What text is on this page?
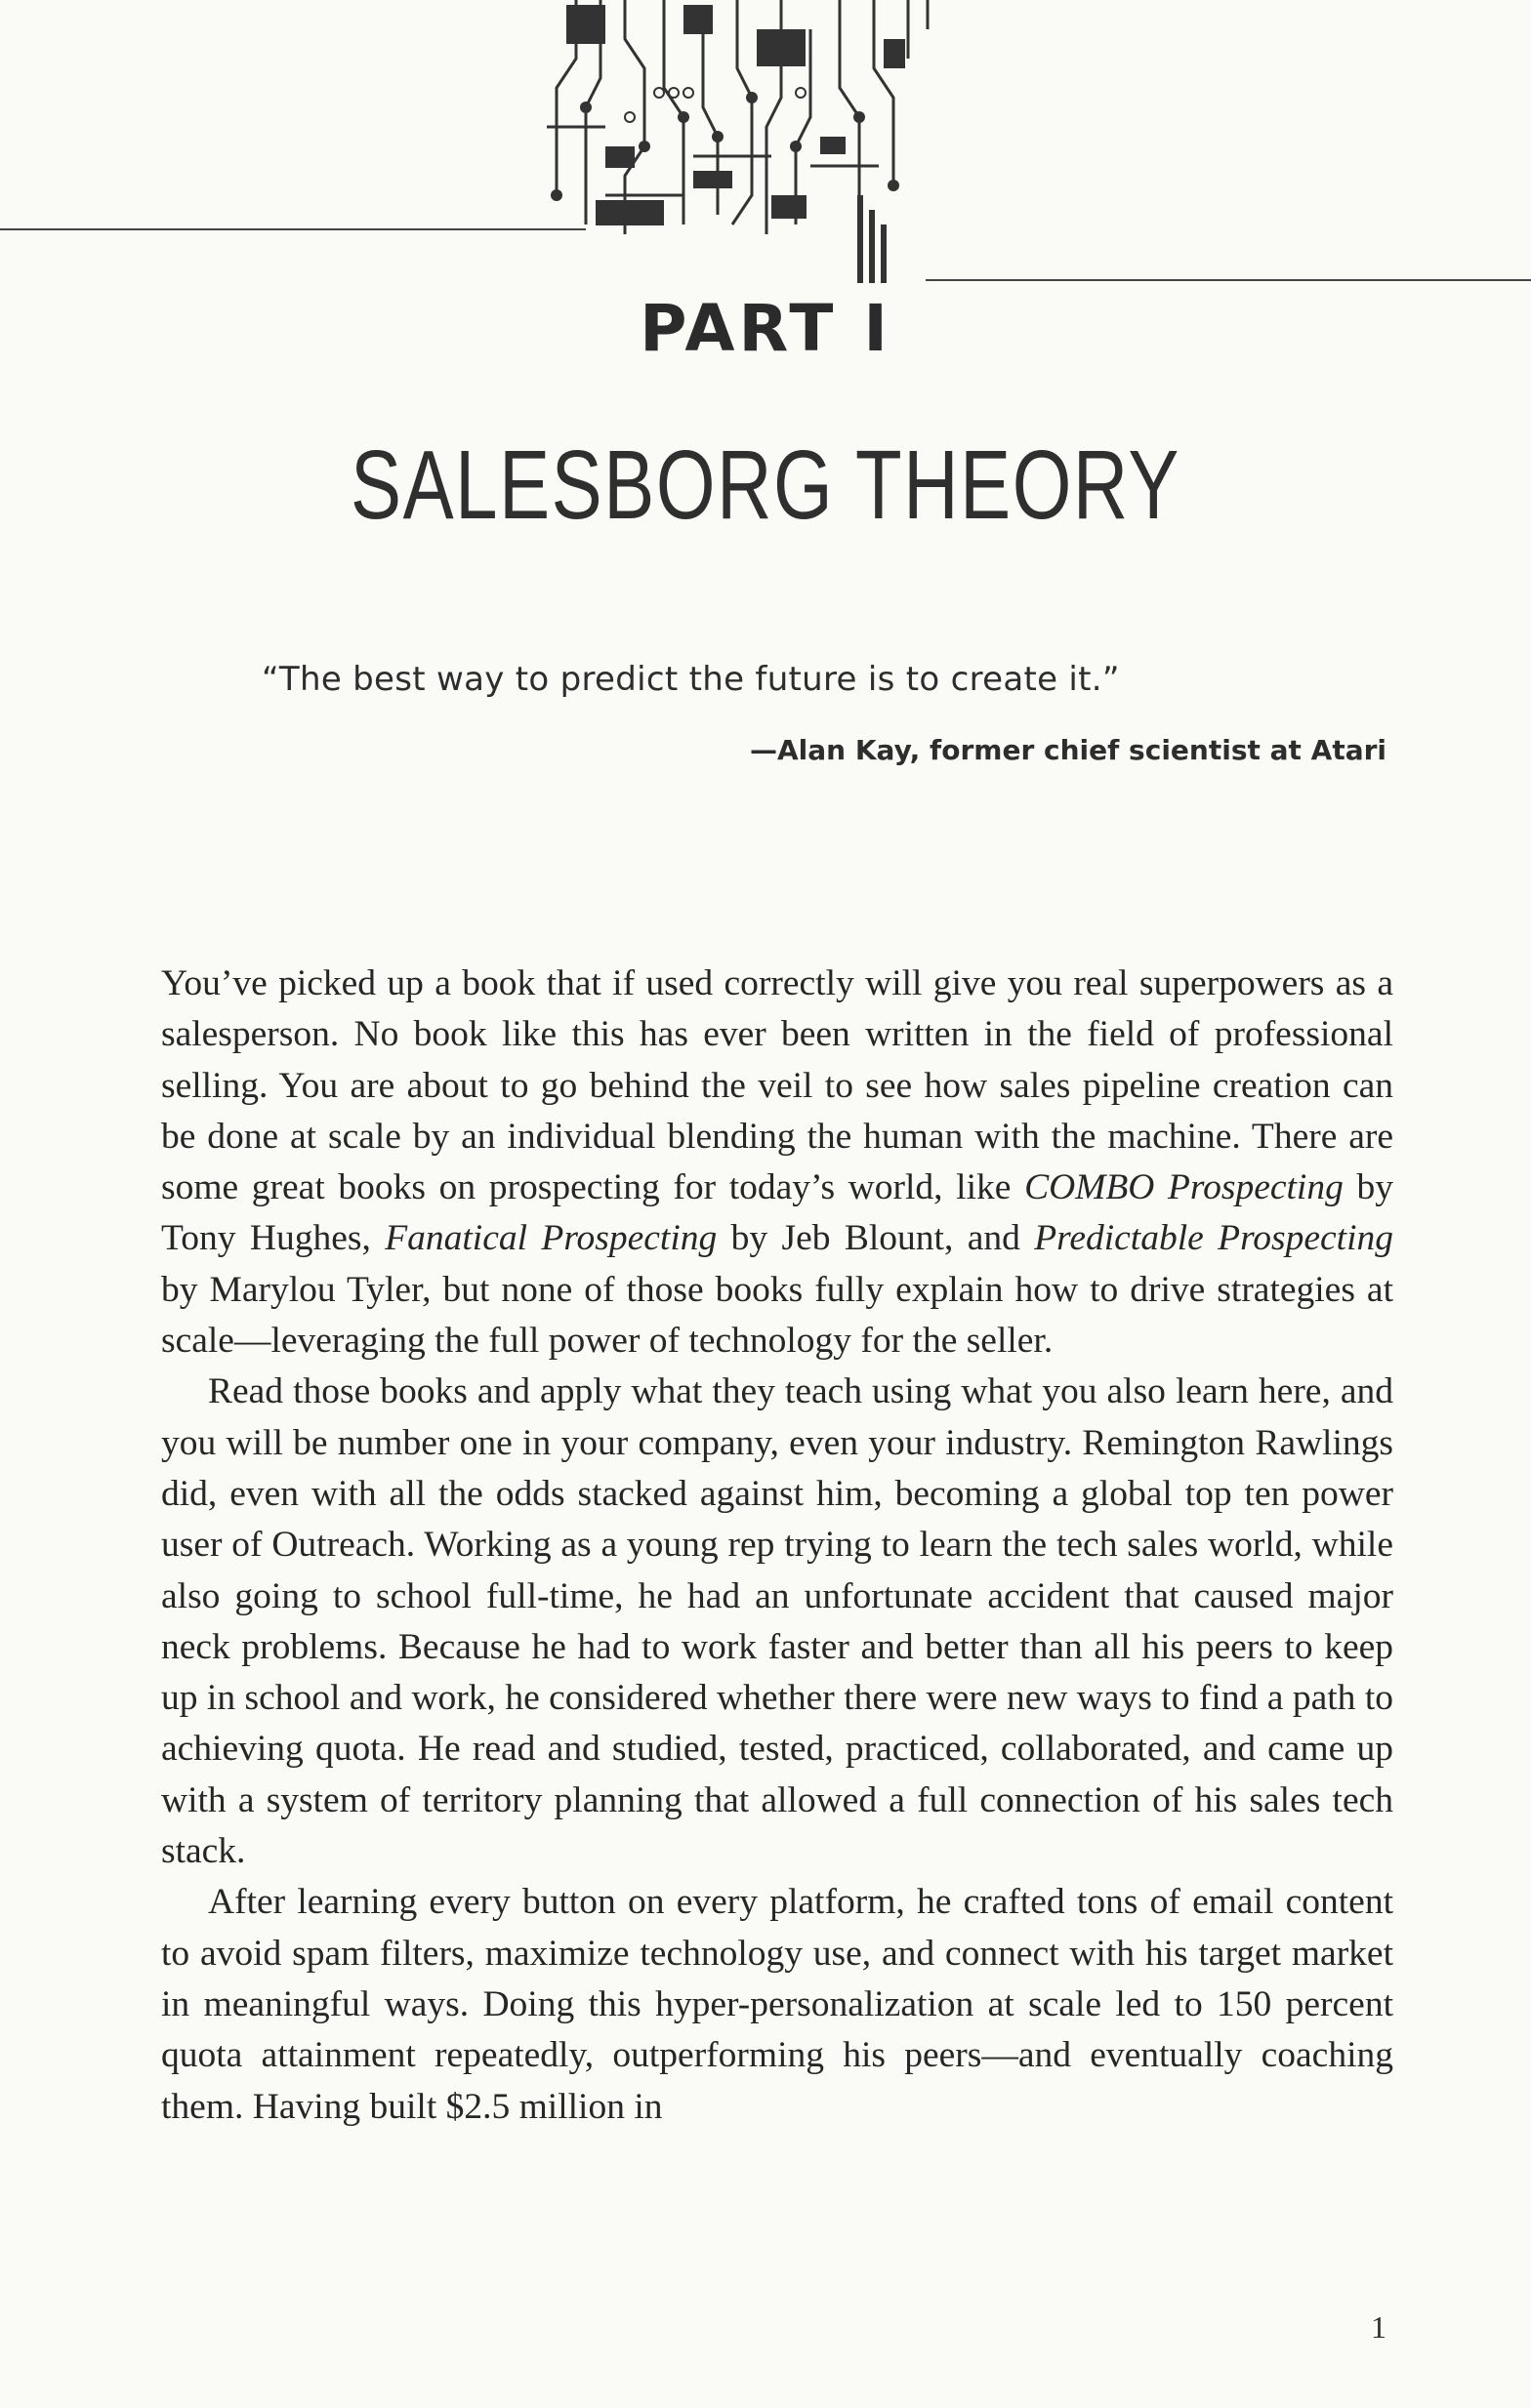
PART I
SALESBORG THEORY

“The best way to predict the future is to create it.”

—Alan Kay, former chief scientist at Atari

You’ve picked up a book that if used correctly will give you real superpowers as a salesperson. No book like this has ever been written in the field of professional selling. You are about to go behind the veil to see how sales pipeline creation can be done at scale by an individual blending the human with the machine. There are some great books on prospecting for today’s world, like COMBO Prospecting by Tony Hughes, Fanatical Prospecting by Jeb Blount, and Predictable Prospecting by Marylou Tyler, but none of those books fully explain how to drive strategies at scale—leveraging the full power of technology for the seller.

Read those books and apply what they teach using what you also learn here, and you will be number one in your company, even your industry. Remington Rawlings did, even with all the odds stacked against him, becoming a global top ten power user of Outreach. Working as a young rep trying to learn the tech sales world, while also going to school full-time, he had an unfortunate accident that caused major neck problems. Because he had to work faster and better than all his peers to keep up in school and work, he considered whether there were new ways to find a path to achieving quota. He read and studied, tested, practiced, collaborated, and came up with a system of territory planning that allowed a full connection of his sales tech stack.

After learning every button on every platform, he crafted tons of email content to avoid spam filters, maximize technology use, and connect with his target market in meaningful ways. Doing this hyper-personalization at scale led to 150 percent quota attainment repeatedly, outperforming his peers—and eventually coaching them. Having built $2.5 million in

1
